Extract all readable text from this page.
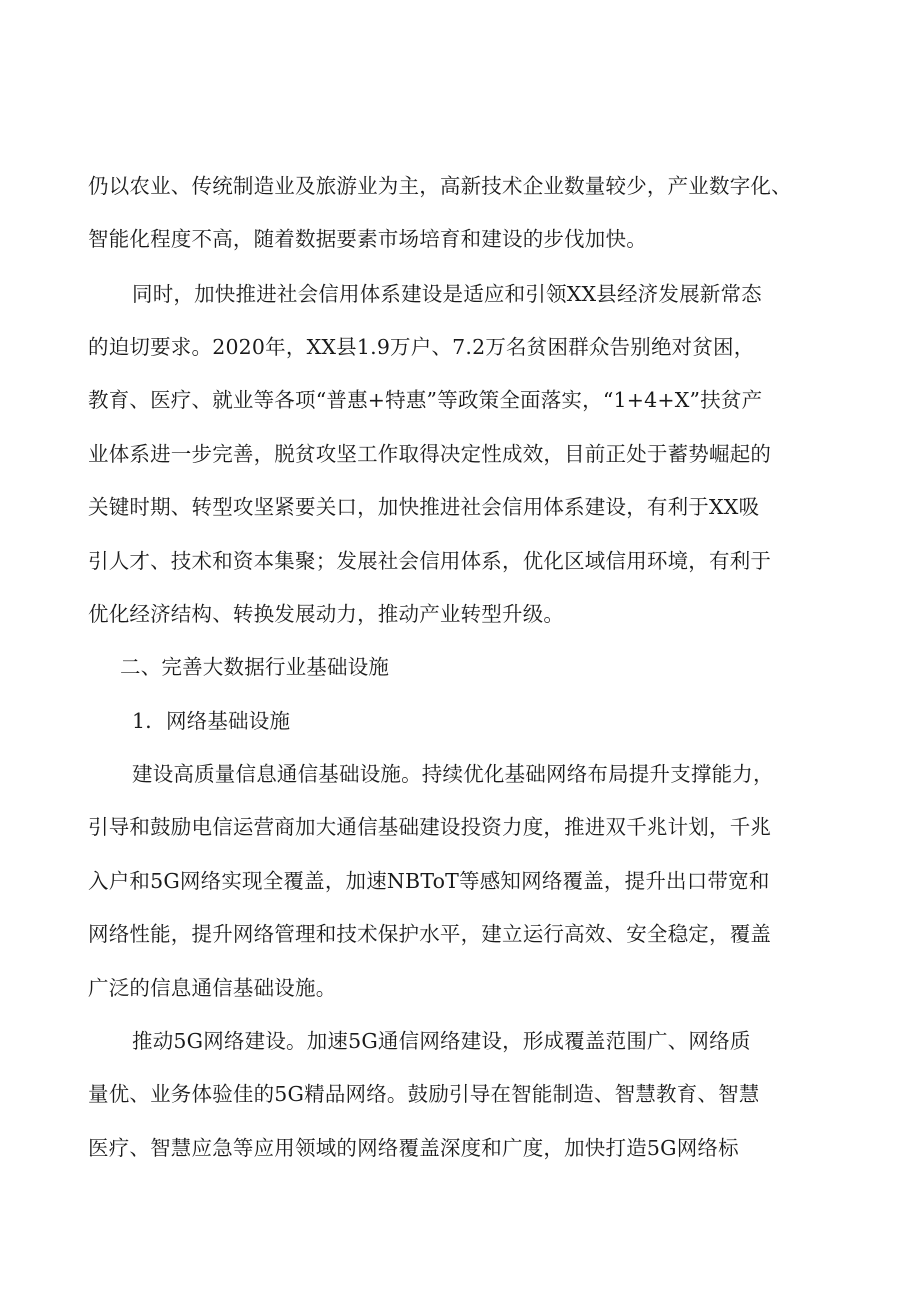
仍以农业、传统制造业及旅游业为主，高新技术企业数量较少，产业数字化、
智能化程度不高，随着数据要素市场培育和建设的步伐加快。
同时，加快推进社会信用体系建设是适应和引领XX县经济发展新常态
的迫切要求。2020年，XX县1.9万户、7.2万名贫困群众告别绝对贫困，
教育、医疗、就业等各项“普惠+特惠”等政策全面落实，“1+4+X”扶贫产
业体系进一步完善，脱贫攻坚工作取得决定性成效，目前正处于蓄势崛起的
关键时期、转型攻坚紧要关口，加快推进社会信用体系建设，有利于XX吸
引人才、技术和资本集聚；发展社会信用体系，优化区域信用环境，有利于
优化经济结构、转换发展动力，推动产业转型升级。
二、完善大数据行业基础设施
1．网络基础设施
建设高质量信息通信基础设施。持续优化基础网络布局提升支撑能力，
引导和鼓励电信运营商加大通信基础建设投资力度，推进双千兆计划，千兆
入户和5G网络实现全覆盖，加速NBToT等感知网络覆盖，提升出口带宽和
网络性能，提升网络管理和技术保护水平，建立运行高效、安全稳定，覆盖
广泛的信息通信基础设施。
推动5G网络建设。加速5G通信网络建设，形成覆盖范围广、网络质
量优、业务体验佳的5G精品网络。鼓励引导在智能制造、智慧教育、智慧
医疗、智慧应急等应用领域的网络覆盖深度和广度，加快打造5G网络标
